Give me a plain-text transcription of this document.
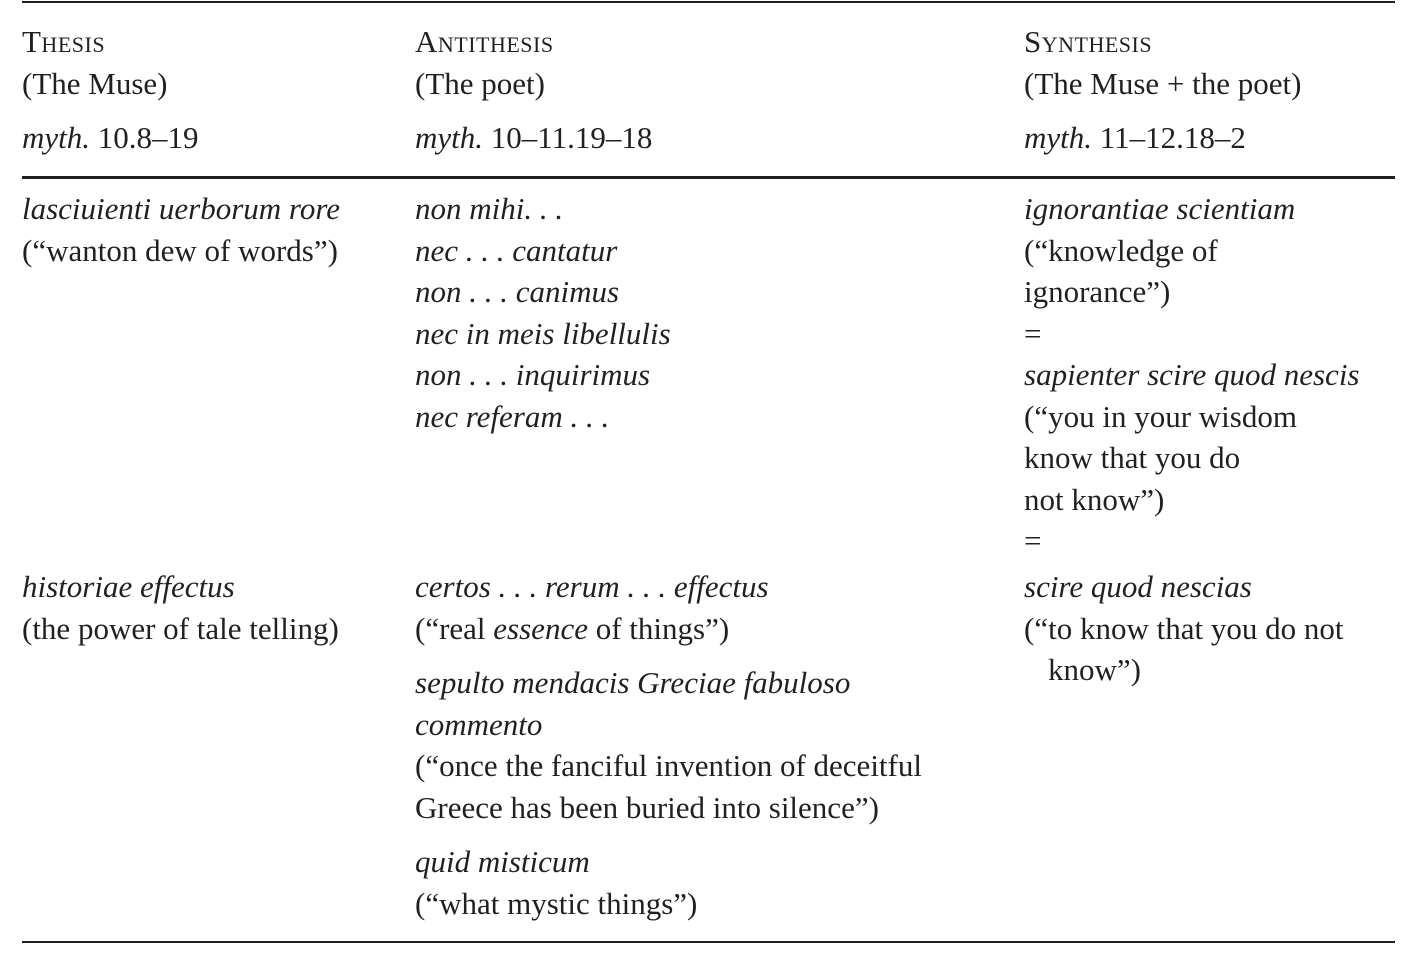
Thesis
(The Muse)
myth. 10.8–19
Antithesis
(The poet)
myth. 10–11.19–18
Synthesis
(The Muse + the poet)
myth. 11–12.18–2
lasciuienti uerborum rore
(“wanton dew of words”)
non mihi. . .
nec . . . cantatur
non . . . canimus
nec in meis libellulis
non . . . inquirimus
nec referam . . .
ignorantiae scientiam
(“knowledge of
ignorance”)
=
sapienter scire quod nescis
(“you in your wisdom
know that you do
not know”)
=
historiae effectus
(the power of tale telling)
certos . . . rerum . . . effectus
(“real essence of things”)
sepulto mendacis Greciae fabuloso
commento
(“once the fanciful invention of deceitful
Greece has been buried into silence”)
quid misticum
(“what mystic things”)
scire quod nescias
(“to know that you do not
know”)
